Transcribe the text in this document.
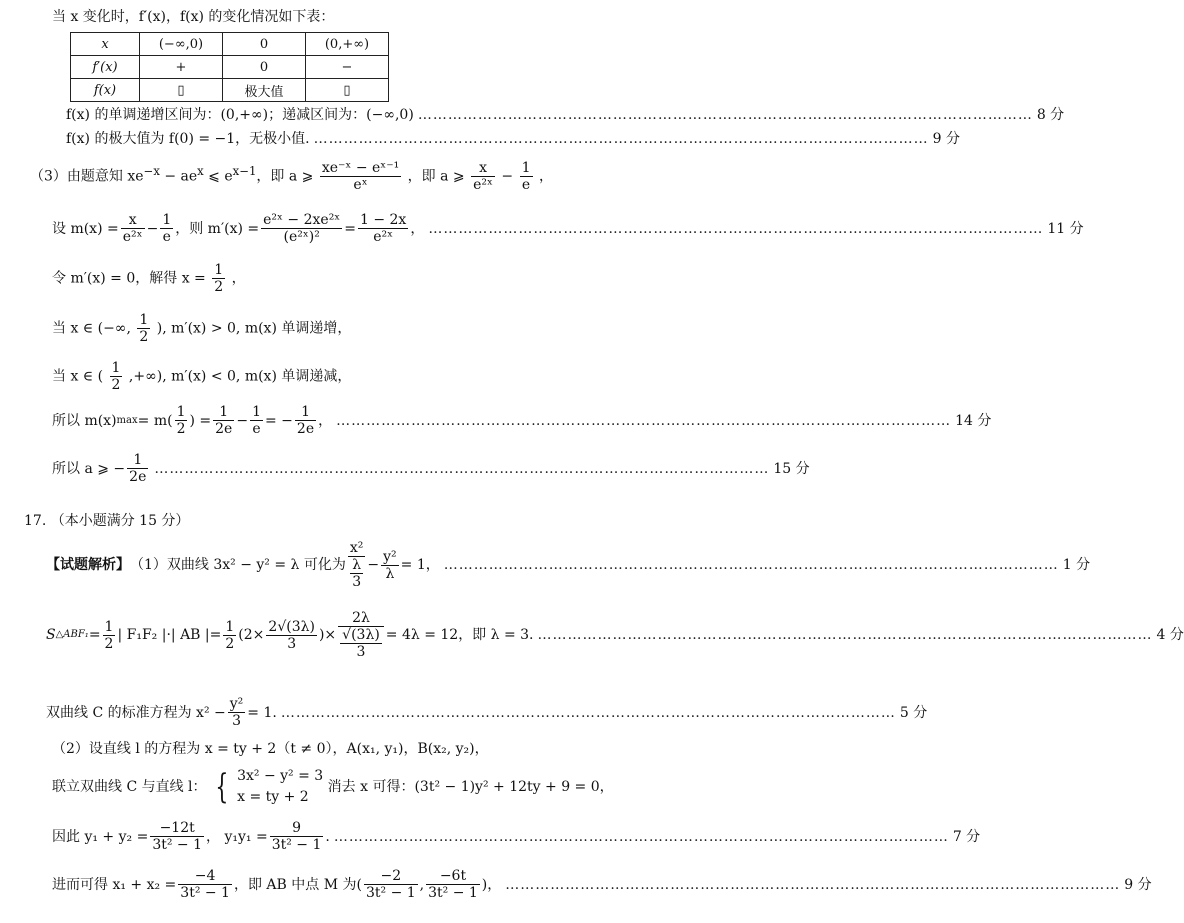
当 x 变化时，f′(x)，f(x) 的变化情况如下表：
x	(−∞,0)	0	(0,+∞)
f′(x)	+	0	−
f(x)	▯	极大值	▯
f(x) 的单调递增区间为：(0,+∞)；递减区间为：(−∞,0) …………………………………………………………………………………………………………… 8 分
f(x) 的极大值为 f(0) = −1，无极小值. …………………………………………………………………………………………………………… 9 分
（3）由题意知 $xe^{-x} - ae^x$ ⩽ $e^{x-1}$，即 a ⩾ $\frac{\text{xe⁻ˣ − eˣ⁻¹}}{\text{eˣ}}$ ，即 a ⩾ $\frac{x}{\text{e²ˣ}} - \frac{1}{e}$ ，
设 $m(x) = \frac{x}{\text{e²ˣ}} - \frac{1}{e}$ ，则 $m'(x) = \frac{\text{e²ˣ − 2xe²ˣ}}{\text{(e²ˣ)²}} = \frac{1 - 2x}{\text{e²ˣ}}$ ， …………………………………………………………………………………………………………… 11 分
令 m′(x) = 0，解得 $x = \frac{1}{2}$ ，
当 x ∈ (−∞, $\frac{1}{2}$ ), m′(x) > 0, m(x) 单调递增，
当 x ∈ ( $\frac{1}{2}$ ,+∞), m′(x) < 0, m(x) 单调递减，
所以 m(x) $\max = m( \frac{1}{2}$ ) = $\frac{1}{2e} - \frac{1}{e}$ = − $\frac{1}{2e}$ ， …………………………………………………………………………………………………………… 14 分
所以 a ⩾ − $\frac{1}{2e}$ …………………………………………………………………………………………………………… 15 分
17. （本小题满分 15 分）
【试题解析】 （1）双曲线 3x² − y² = λ 可化为 $\frac{\text{x²}}{\frac{\lambda}{3}} - \frac{\text{y²}}{\lambda} = 1$， …………………………………………………………………………………………………………… 1 分
S △ABF₁ = $\frac{1}{2}$ | F₁F₂ |·| AB |= $\frac{1}{2} (2\times \frac{2√(3\lambda)}{3}$ )× $\frac{2\lambda}{\frac{√(3\lambda)}{3}} = 4\lambda = 12$，即 λ = 3. …………………………………………………………………………………………………………… 4 分
双曲线 C 的标准方程为 $x^2 - \frac{\text{y²}}{3} = 1$. …………………………………………………………………………………………………………… 5 分
（2）设直线 l 的方程为 x = ty + 2（t ≠ 0），A(x₁, y₁)，B(x₂, y₂)，
联立双曲线 C 与直线 l： { 3x² − y² = 3
x = ty + 2
消去 x 可得：(3t² − 1)y² + 12ty + 9 = 0，
因此 $y_1 + y_2 = \frac{-12t}{\text{3t² − 1}}$ ， $y_1y_1 = \frac{9}{\text{3t² − 1}}$ . …………………………………………………………………………………………………………… 7 分
进而可得 $x_1 + x_2 = \frac{-4}{\text{3t² − 1}}$ ，即 AB 中点 M 为( $\frac{-2}{\text{3t² − 1}}$ , $\frac{-6t}{\text{3t² − 1}}$ )， …………………………………………………………………………………………………………… 9 分
